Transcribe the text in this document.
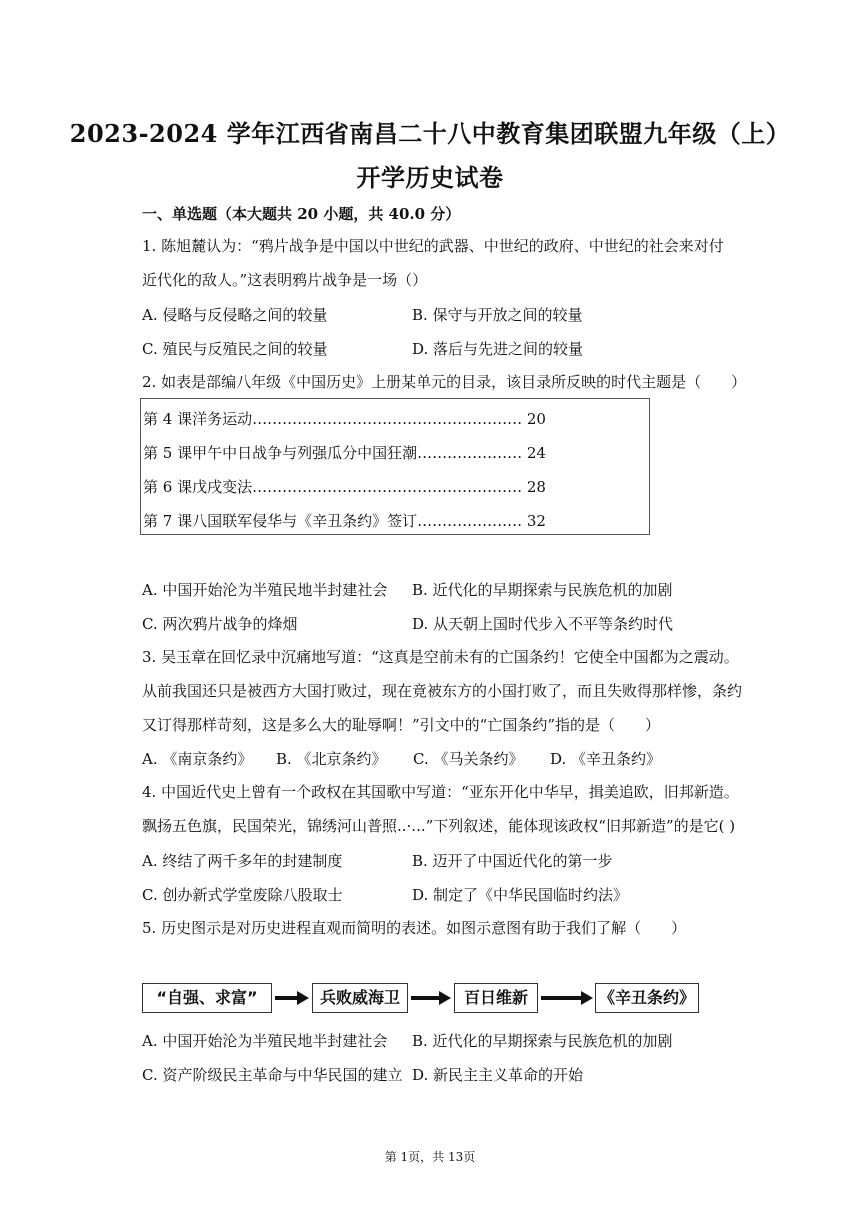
2023-2024 学年江西省南昌二十八中教育集团联盟九年级（上）
开学历史试卷
一、单选题（本大题共 20 小题，共 40.0 分）
1. 陈旭麓认为：“鸦片战争是中国以中世纪的武器、中世纪的政府、中世纪的社会来对付
近代化的敌人。”这表明鸦片战争是一场（）
A. 侵略与反侵略之间的较量	B. 保守与开放之间的较量
C. 殖民与反殖民之间的较量	D. 落后与先进之间的较量
2. 如表是部编八年级《中国历史》上册某单元的目录，该目录所反映的时代主题是（　　）
第 4 课洋务运动……………………………………………… 20
第 5 课甲午中日战争与列强瓜分中国狂潮………………… 24
第 6 课戊戌变法……………………………………………… 28
第 7 课八国联军侵华与《辛丑条约》签订………………… 32
A. 中国开始沦为半殖民地半封建社会 B. 近代化的早期探索与民族危机的加剧
C. 两次鸦片战争的烽烟	D. 从天朝上国时代步入不平等条约时代
3. 吴玉章在回忆录中沉痛地写道：“这真是空前未有的亡国条约！它使全中国都为之震动。
从前我国还只是被西方大国打败过，现在竟被东方的小国打败了，而且失败得那样惨，条约
又订得那样苛刻，这是多么大的耻辱啊！”引文中的“亡国条约”指的是（　　）
A. 《南京条约》 B. 《北京条约》 C. 《马关条约》 D. 《辛丑条约》
4. 中国近代史上曾有一个政权在其国歌中写道：“亚东开化中华早，揖美追欧，旧邦新造。
飘扬五色旗，民国荣光，锦绣河山普照..·...”下列叙述，能体现该政权“旧邦新造”的是它( )
A. 终结了两千多年的封建制度	B. 迈开了中国近代化的第一步
C. 创办新式学堂废除八股取士	D. 制定了《中华民国临时约法》
5. 历史图示是对历史进程直观而简明的表述。如图示意图有助于我们了解（　　）
“自强、求富”	兵败威海卫	百日维新	《辛丑条约》
A. 中国开始沦为半殖民地半封建社会 B. 近代化的早期探索与民族危机的加剧
C. 资产阶级民主革命与中华民国的建立 D. 新民主主义革命的开始
第 1页，共 13页
